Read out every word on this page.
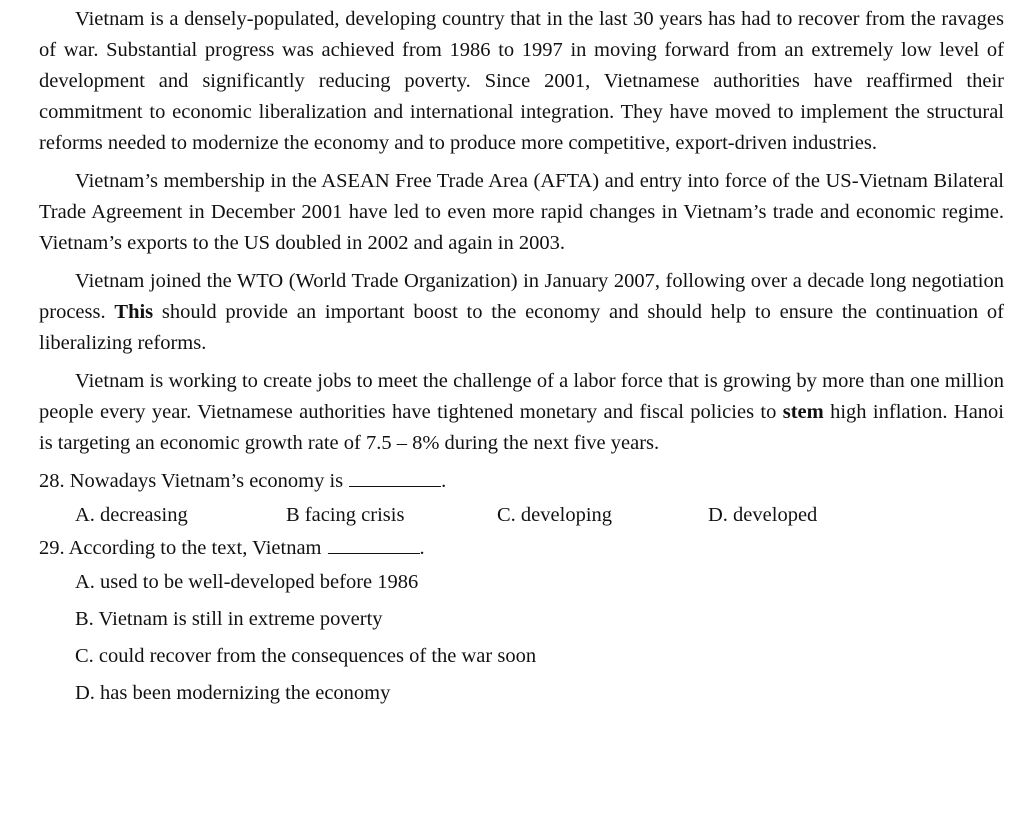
Vietnam is a densely-populated, developing country that in the last 30 years has had to recover from the ravages of war. Substantial progress was achieved from 1986 to 1997 in moving forward from an extremely low level of development and significantly reducing poverty. Since 2001, Vietnamese authorities have reaffirmed their commitment to economic liberalization and international integration. They have moved to implement the structural reforms needed to modernize the economy and to produce more competitive, export-driven industries.

Vietnam’s membership in the ASEAN Free Trade Area (AFTA) and entry into force of the US-Vietnam Bilateral Trade Agreement in December 2001 have led to even more rapid changes in Vietnam’s trade and economic regime. Vietnam’s exports to the US doubled in 2002 and again in 2003.

Vietnam joined the WTO (World Trade Organization) in January 2007, following over a decade long negotiation process. This should provide an important boost to the economy and should help to ensure the continuation of liberalizing reforms.

Vietnam is working to create jobs to meet the challenge of a labor force that is growing by more than one million people every year. Vietnamese authorities have tightened monetary and fiscal policies to stem high inflation. Hanoi is targeting an economic growth rate of 7.5 – 8% during the next five years.

28. Nowadays Vietnam’s economy is	.
A. decreasing	B facing crisis	C. developing	D. developed
29. According to the text, Vietnam	.
A. used to be well-developed before 1986
B. Vietnam is still in extreme poverty
C. could recover from the consequences of the war soon
D. has been modernizing the economy
